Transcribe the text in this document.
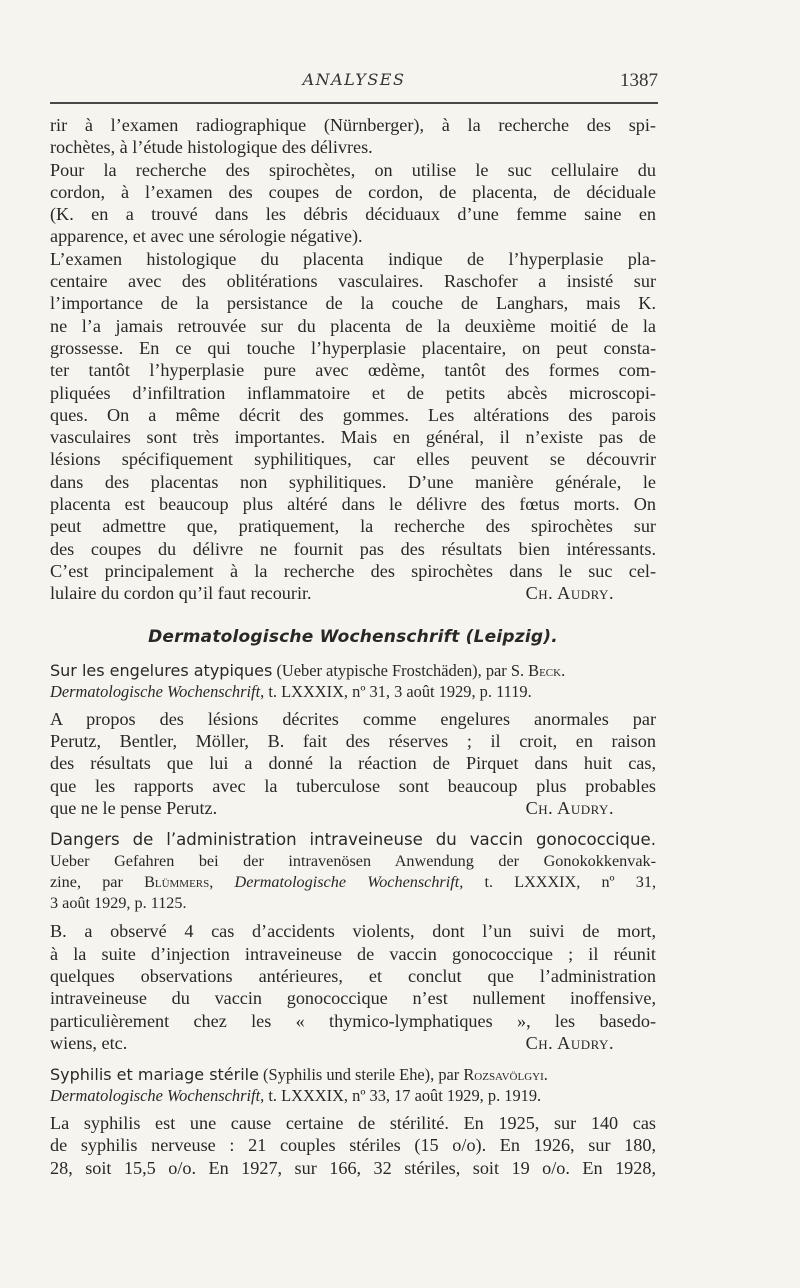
ANALYSES	1387
rir à l’examen radiographique (Nürnberger), à la recherche des spi-
rochètes, à l’étude histologique des délivres.
Pour la recherche des spirochètes, on utilise le suc cellulaire du
cordon, à l’examen des coupes de cordon, de placenta, de déciduale
(K. en a trouvé dans les débris déciduaux d’une femme saine en
apparence, et avec une sérologie négative).
L’examen histologique du placenta indique de l’hyperplasie pla-
centaire avec des oblitérations vasculaires. Raschofer a insisté sur
l’importance de la persistance de la couche de Langhars, mais K.
ne l’a jamais retrouvée sur du placenta de la deuxième moitié de la
grossesse. En ce qui touche l’hyperplasie placentaire, on peut consta-
ter tantôt l’hyperplasie pure avec œdème, tantôt des formes com-
pliquées d’infiltration inflammatoire et de petits abcès microscopi-
ques. On a même décrit des gommes. Les altérations des parois
vasculaires sont très importantes. Mais en général, il n’existe pas de
lésions spécifiquement syphilitiques, car elles peuvent se découvrir
dans des placentas non syphilitiques. D’une manière générale, le
placenta est beaucoup plus altéré dans le délivre des fœtus morts. On
peut admettre que, pratiquement, la recherche des spirochètes sur
des coupes du délivre ne fournit pas des résultats bien intéressants.
C’est principalement à la recherche des spirochètes dans le suc cel-
lulaire du cordon qu’il faut recourir.	Ch. Audry.
Dermatologische Wochenschrift (Leipzig).
Sur les engelures atypiques (Ueber atypische Frostchäden), par S. Beck.
Dermatologische Wochenschrift, t. LXXXIX, nº 31, 3 août 1929, p. 1119.
A propos des lésions décrites comme engelures anormales par
Perutz, Bentler, Möller, B. fait des réserves ; il croit, en raison
des résultats que lui a donné la réaction de Pirquet dans huit cas,
que les rapports avec la tuberculose sont beaucoup plus probables
que ne le pense Perutz.	Ch. Audry.
Dangers de l’administration intraveineuse du vaccin gonococcique.
Ueber Gefahren bei der intravenösen Anwendung der Gonokokkenvak-
zine, par Blümmers, Dermatologische Wochenschrift, t. LXXXIX, nº 31,
3 août 1929, p. 1125.
B. a observé 4 cas d’accidents violents, dont l’un suivi de mort,
à la suite d’injection intraveineuse de vaccin gonococcique ; il réunit
quelques observations antérieures, et conclut que l’administration
intraveineuse du vaccin gonococcique n’est nullement inoffensive,
particulièrement chez les « thymico-lymphatiques », les basedo-
wiens, etc.	Ch. Audry.
Syphilis et mariage stérile (Syphilis und sterile Ehe), par Rozsavölgyi.
Dermatologische Wochenschrift, t. LXXXIX, nº 33, 17 août 1929, p. 1919.
La syphilis est une cause certaine de stérilité. En 1925, sur 140 cas
de syphilis nerveuse : 21 couples stériles (15 o/o). En 1926, sur 180,
28, soit 15,5 o/o. En 1927, sur 166, 32 stériles, soit 19 o/o. En 1928,
